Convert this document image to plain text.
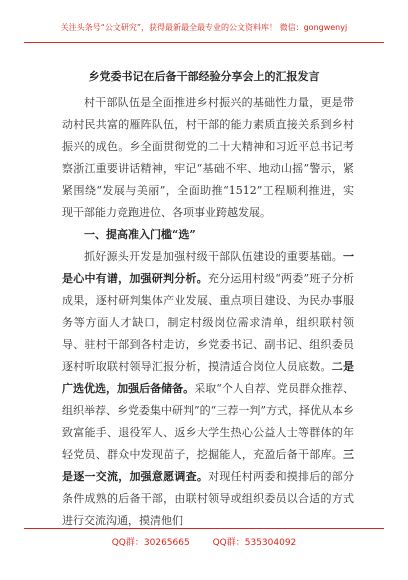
关注头条号“公文研究”，获得最新最全最专业的公文资料库！ 微信：gongwenyj
乡党委书记在后备干部经验分享会上的汇报发言

村干部队伍是全面推进乡村振兴的基础性力量，更是带动村民共富的雁阵队伍，村干部的能力素质直接关系到乡村振兴的成色。乡全面贯彻党的二十大精神和习近平总书记考察浙江重要讲话精神，牢记“基础不牢、地动山摇”警示，紧紧围绕“发展与美丽”，全面助推“1512”工程顺利推进，实现干部能力竞跑进位、各项事业跨越发展。

一、提高准入门槛“选”

抓好源头开发是加强村级干部队伍建设的重要基础。一是心中有谱，加强研判分析。充分运用村级“两委”班子分析成果，逐村研判集体产业发展、重点项目建设、为民办事服务等方面人才缺口，制定村级岗位需求清单，组织联村领导、驻村干部到各村走访，乡党委书记、副书记、组织委员逐村听取联村领导汇报分析，摸清适合岗位人员底数。二是广选优选，加强后备储备。采取“个人自荐、党员群众推荐、组织举荐、乡党委集中研判”的“三荐一判”方式，择优从本乡致富能手、退役军人、返乡大学生热心公益人士等群体的年轻党员、群众中发现苗子，挖掘能人，充盈后备干部库。三是逐一交流，加强意愿调查。对现任村两委和摸排后的部分条件成熟的后备干部，由联村领导或组织委员以合适的方式进行交流沟通，摸清他们

QQ群：30265665	QQ群：535304092
